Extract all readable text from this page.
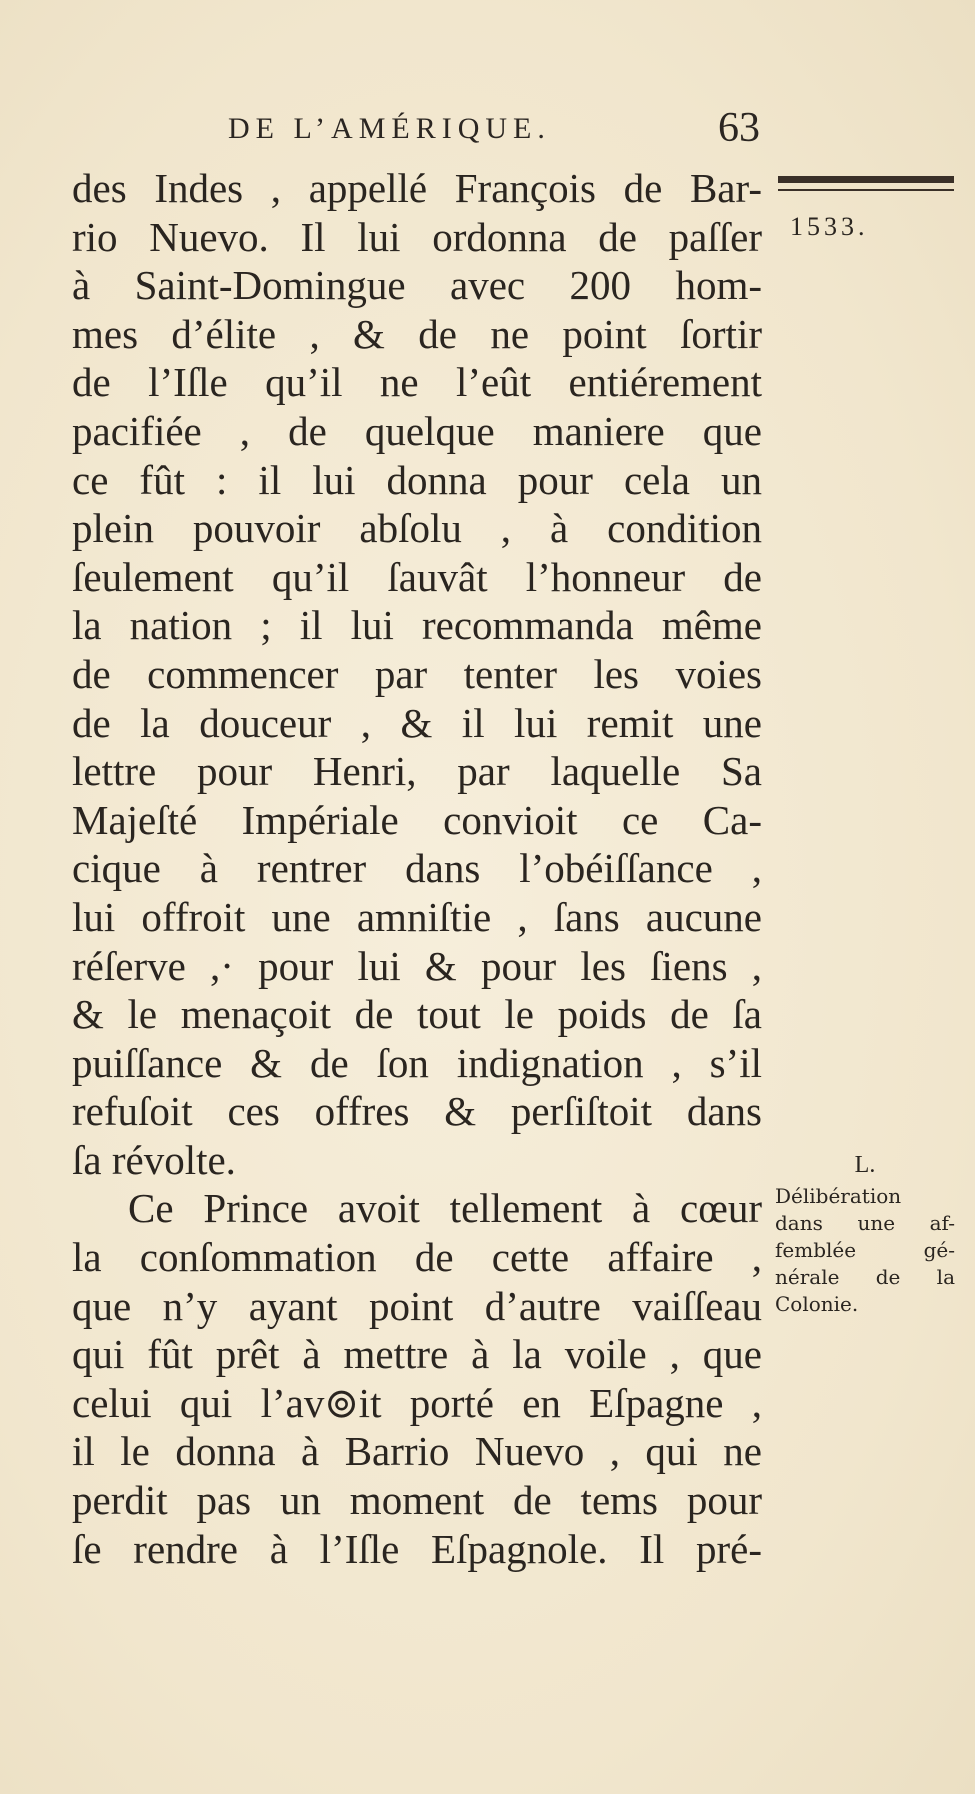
DE L’AMÉRIQUE.	63
1533.
des Indes , appellé François de Bar-
rio Nuevo. Il lui ordonna de paſſer
à Saint-Domingue avec 200 hom-
mes d’élite , & de ne point ſortir
de l’Iſle qu’il ne l’eût entiérement
pacifiée , de quelque maniere que
ce fût : il lui donna pour cela un
plein pouvoir abſolu , à condition
ſeulement qu’il ſauvât l’honneur de
la nation ; il lui recommanda même
de commencer par tenter les voies
de la douceur , & il lui remit une
lettre pour Henri, par laquelle Sa
Majeſté Impériale convioit ce Ca-
cique à rentrer dans l’obéiſſance ,
lui offroit une amniſtie , ſans aucune
réſerve ,· pour lui & pour les ſiens ,
& le menaçoit de tout le poids de ſa
puiſſance & de ſon indignation , s’il
refuſoit ces offres & perſiſtoit dans
ſa révolte.
Ce Prince avoit tellement à cœur
la conſommation de cette affaire ,
que n’y ayant point d’autre vaiſſeau
qui fût prêt à mettre à la voile , que
celui qui l’av⊚it porté en Eſpagne ,
il le donna à Barrio Nuevo , qui ne
perdit pas un moment de tems pour
ſe rendre à l’Iſle Eſpagnole. Il pré-
L.
Délibération
dans une af-
femblée gé-
nérale de la
Colonie.
